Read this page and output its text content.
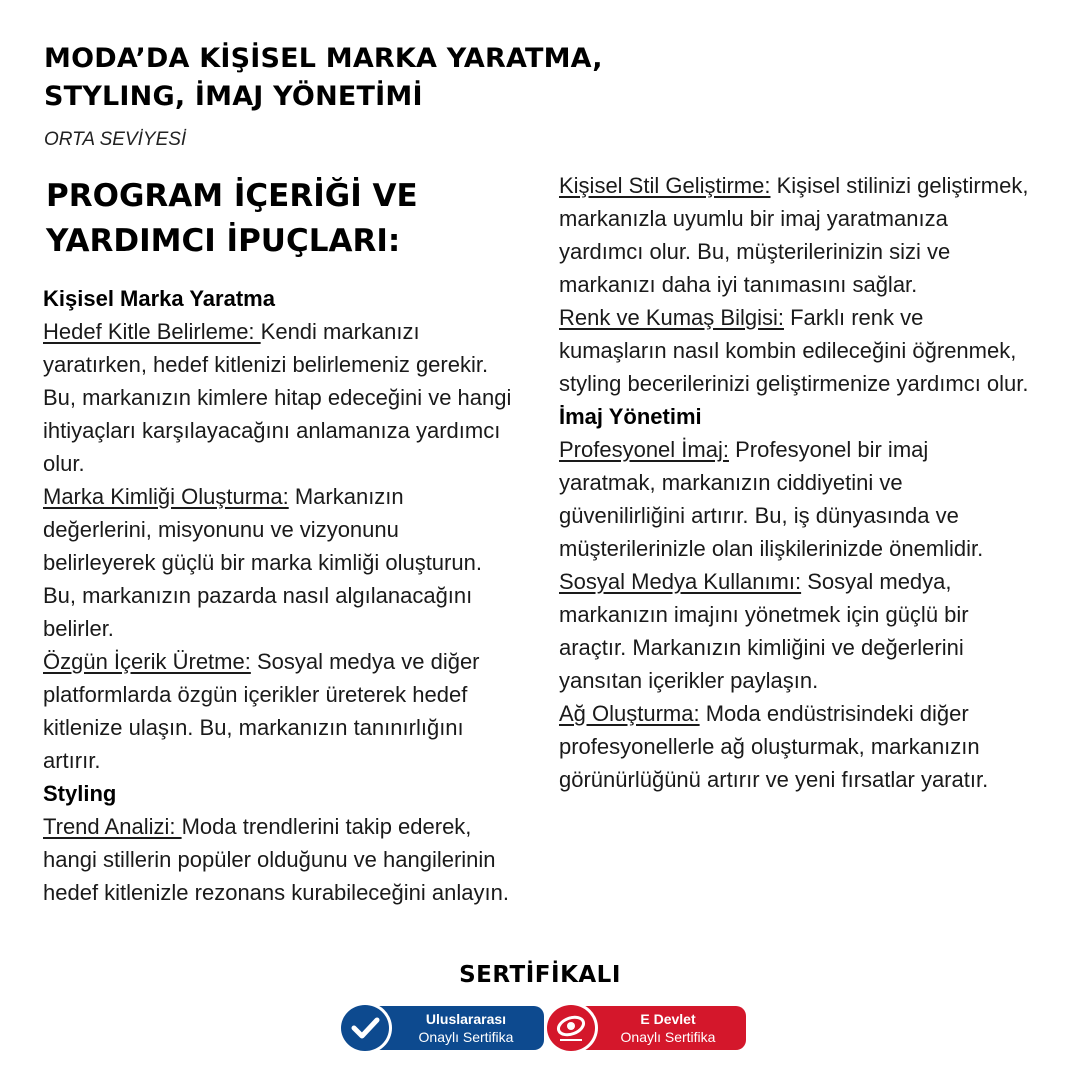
MODA’DA KİŞİSEL MARKA YARATMA,
STYLING, İMAJ YÖNETİMİ
ORTA SEVİYESİ
PROGRAM İÇERİĞİ VE
YARDIMCI İPUÇLARI:

Kişisel Marka Yaratma

Hedef Kitle Belirleme: Kendi markanızı yaratırken, hedef kitlenizi belirlemeniz gerekir. Bu, markanızın kimlere hitap edeceğini ve hangi ihtiyaçları karşılayacağını anlamanıza yardımcı olur.

Marka Kimliği Oluşturma: Markanızın değerlerini, misyonunu ve vizyonunu belirleyerek güçlü bir marka kimliği oluşturun. Bu, markanızın pazarda nasıl algılanacağını belirler.

Özgün İçerik Üretme: Sosyal medya ve diğer platformlarda özgün içerikler üreterek hedef kitlenize ulaşın. Bu, markanızın tanınırlığını artırır.

Styling

Trend Analizi: Moda trendlerini takip ederek, hangi stillerin popüler olduğunu ve hangilerinin hedef kitlenizle rezonans kurabileceğini anlayın.

Kişisel Stil Geliştirme: Kişisel stilinizi geliştirmek, markanızla uyumlu bir imaj yaratmanıza yardımcı olur. Bu, müşterilerinizin sizi ve markanızı daha iyi tanımasını sağlar.

Renk ve Kumaş Bilgisi: Farklı renk ve kumaşların nasıl kombin edileceğini öğrenmek, styling becerilerinizi geliştirmenize yardımcı olur.

İmaj Yönetimi

Profesyonel İmaj: Profesyonel bir imaj yaratmak, markanızın ciddiyetini ve güvenilirliğini artırır. Bu, iş dünyasında ve müşterilerinizle olan ilişkilerinizde önemlidir.

Sosyal Medya Kullanımı: Sosyal medya, markanızın imajını yönetmek için güçlü bir araçtır. Markanızın kimliğini ve değerlerini yansıtan içerikler paylaşın.

Ağ Oluşturma: Moda endüstrisindeki diğer profesyonellerle ağ oluşturmak, markanızın görünürlüğünü artırır ve yeni fırsatlar yaratır.

SERTİFİKALI
Uluslararası
Onaylı Sertifika
E Devlet
Onaylı Sertifika
